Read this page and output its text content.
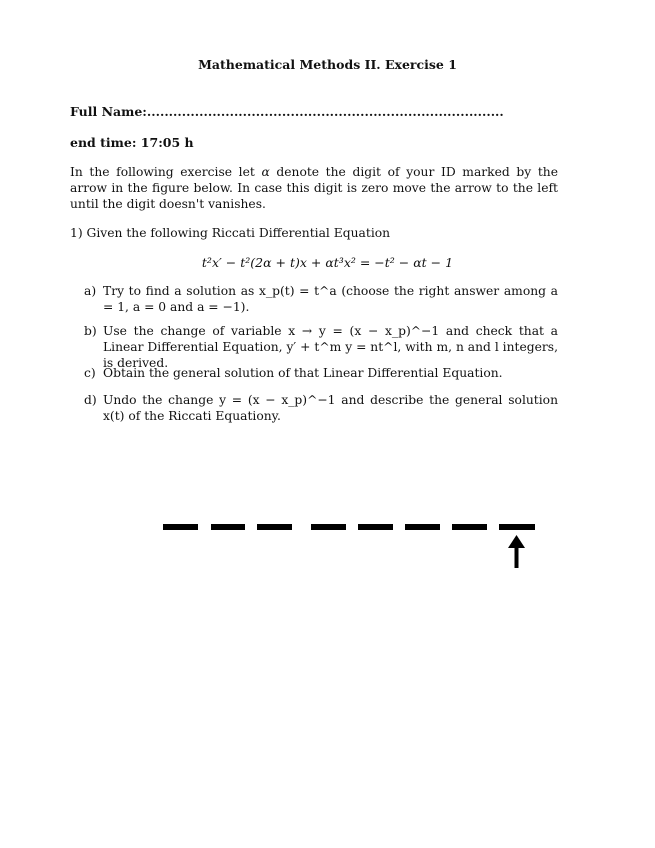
Mathematical Methods II. Exercise 1
Full Name:..................................................................................
end time: 17:05 h
In the following exercise let α denote the digit of your ID marked by the arrow in the figure below. In case this digit is zero move the arrow to the left until the digit doesn't vanishes.
1) Given the following Riccati Differential Equation
t²x′ − t²(2α + t)x + αt³x² = −t² − αt − 1
a) Try to find a solution as x_p(t) = t^a (choose the right answer among a = 1, a = 0 and a = −1).
b) Use the change of variable x → y = (x − x_p)^−1 and check that a Linear Differential Equation, y′ + t^m y = nt^l, with m, n and l integers, is derived.
c) Obtain the general solution of that Linear Differential Equation.
d) Undo the change y = (x − x_p)^−1 and describe the general solution x(t) of the Riccati Equationy.
